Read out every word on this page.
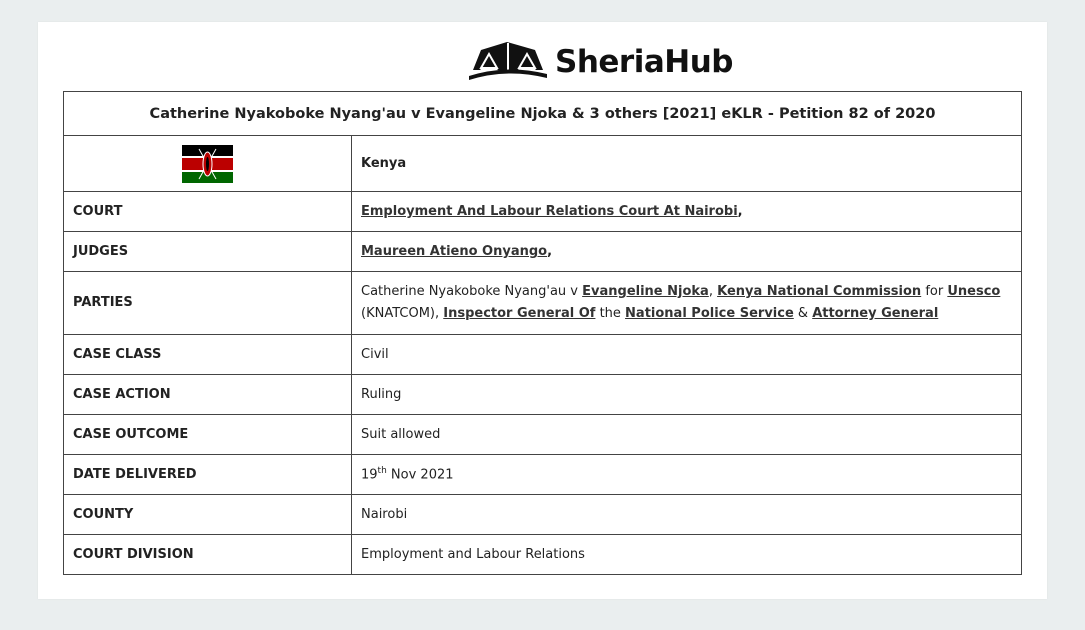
SheriaHub
Catherine Nyakoboke Nyang'au v Evangeline Njoka & 3 others [2021] eKLR - Petition 82 of 2020	
	Kenya
COURT	Employment And Labour Relations Court At Nairobi,
JUDGES	Maureen Atieno Onyango,
PARTIES	Catherine Nyakoboke Nyang'au v Evangeline Njoka, Kenya National Commission for Unesco (KNATCOM), Inspector General Of the National Police Service & Attorney General
CASE CLASS	Civil
CASE ACTION	Ruling
CASE OUTCOME	Suit allowed
DATE DELIVERED	19th Nov 2021
COUNTY	Nairobi
COURT DIVISION	Employment and Labour Relations
